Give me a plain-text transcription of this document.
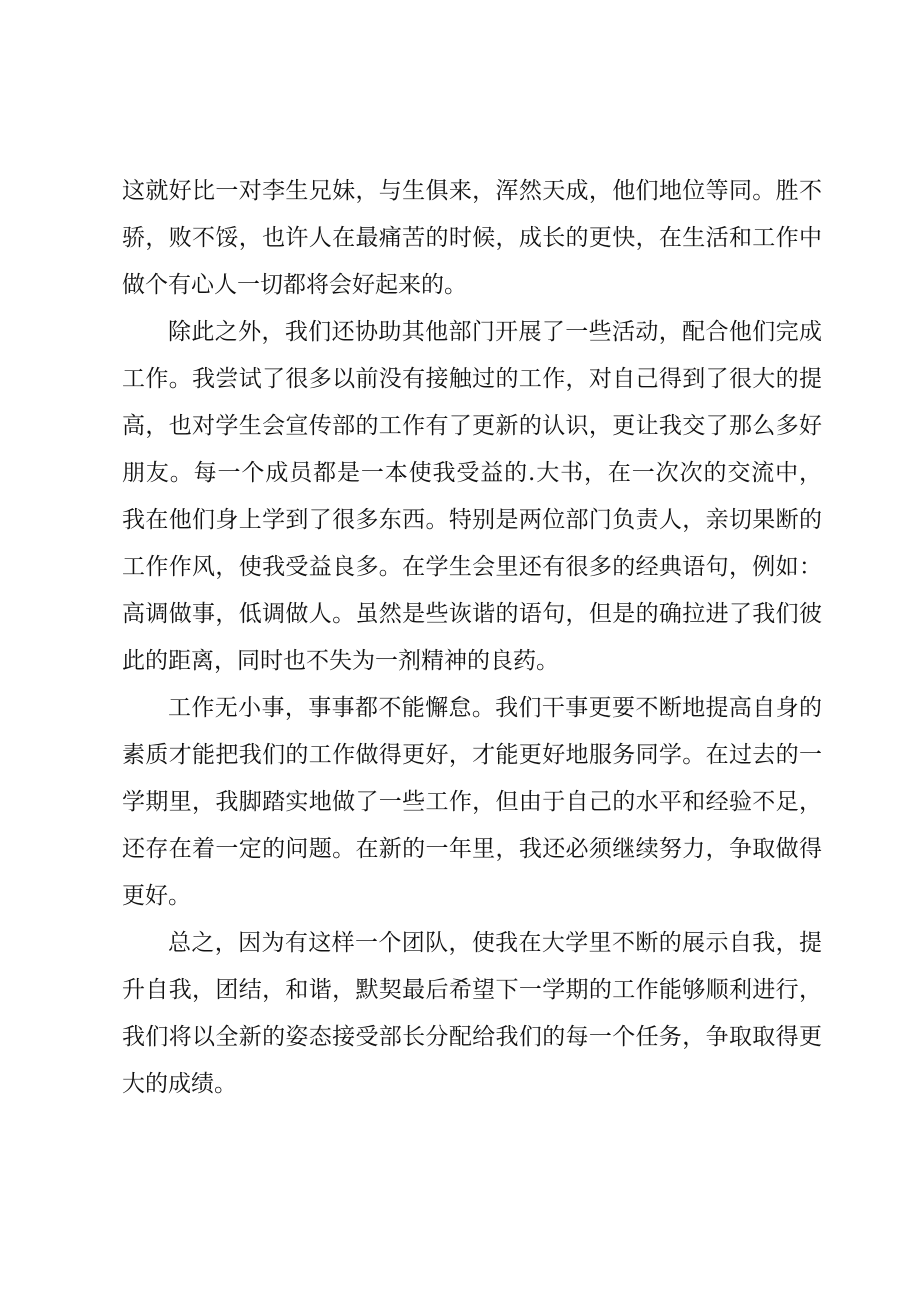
这就好比一对李生兄妹，与生俱来，浑然天成，他们地位等同。胜不
骄，败不馁，也许人在最痛苦的时候，成长的更快，在生活和工作中
做个有心人一切都将会好起来的。
除此之外，我们还协助其他部门开展了一些活动，配合他们完成
工作。我尝试了很多以前没有接触过的工作，对自己得到了很大的提
高，也对学生会宣传部的工作有了更新的认识，更让我交了那么多好
朋友。每一个成员都是一本使我受益的.大书，在一次次的交流中，
我在他们身上学到了很多东西。特别是两位部门负责人，亲切果断的
工作作风，使我受益良多。在学生会里还有很多的经典语句，例如：
高调做事，低调做人。虽然是些诙谐的语句，但是的确拉进了我们彼
此的距离，同时也不失为一剂精神的良药。
工作无小事，事事都不能懈怠。我们干事更要不断地提高自身的
素质才能把我们的工作做得更好，才能更好地服务同学。在过去的一
学期里，我脚踏实地做了一些工作，但由于自己的水平和经验不足，
还存在着一定的问题。在新的一年里，我还必须继续努力，争取做得
更好。
总之，因为有这样一个团队，使我在大学里不断的展示自我，提
升自我，团结，和谐，默契最后希望下一学期的工作能够顺利进行，
我们将以全新的姿态接受部长分配给我们的每一个任务，争取取得更
大的成绩。
